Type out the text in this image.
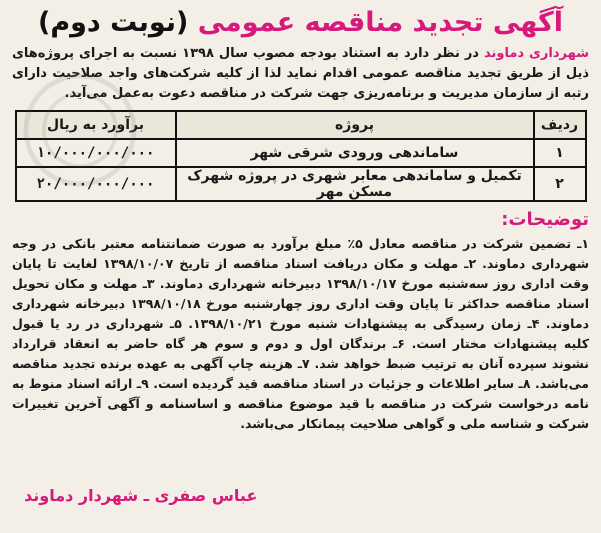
آگهی تجدید مناقصه عمومی (نوبت دوم)

شهرداری دماوند در نظر دارد به استناد بودجه مصوب سال ۱۳۹۸ نسبت به اجرای پروژه‌های ذیل از طریق تجدید مناقصه عمومی اقدام نماید لذا از کلیه شرکت‌های واجد صلاحیت دارای رتبه از سازمان مدیریت و برنامه‌ریزی جهت شرکت در مناقصه دعوت به‌عمل می‌آید.

ردیف	پروژه	برآورد به ریال
۱	ساماندهی ورودی شرقی شهر	۱۰/۰۰۰/۰۰۰/۰۰۰
۲	تکمیل و ساماندهی معابر شهری در پروژه شهرک مسکن مهر	۲۰/۰۰۰/۰۰۰/۰۰۰
توضیحات:

۱ـ تضمین شرکت در مناقصه معادل ۵٪ مبلغ برآورد به صورت ضمانتنامه معتبر بانکی در وجه شهرداری دماوند. ۲ـ مهلت و مکان دریافت اسناد مناقصه از تاریخ ۱۳۹۸/۱۰/۰۷ لغایت تا پایان وقت اداری روز سه‌شنبه مورخ ۱۳۹۸/۱۰/۱۷ دبیرخانه شهرداری دماوند. ۳ـ مهلت و مکان تحویل اسناد مناقصه حداکثر تا پایان وقت اداری روز چهارشنبه مورخ ۱۳۹۸/۱۰/۱۸ دبیرخانه شهرداری دماوند. ۴ـ زمان رسیدگی به پیشنهادات شنبه مورخ ۱۳۹۸/۱۰/۲۱. ۵ـ شهرداری در رد یا قبول کلیه پیشنهادات مختار است. ۶ـ برندگان اول و دوم و سوم هر گاه حاضر به انعقاد قرارداد نشوند سپرده آنان به ترتیب ضبط خواهد شد. ۷ـ هزینه چاپ آگهی به عهده برنده تجدید مناقصه می‌باشد. ۸ـ سایر اطلاعات و جزئیات در اسناد مناقصه قید گردیده است. ۹ـ ارائه اسناد منوط به نامه درخواست شرکت در مناقصه با قید موضوع مناقصه و اساسنامه و آگهی آخرین تغییرات شرکت و شناسه ملی و گواهی صلاحیت پیمانکار می‌باشد.

عباس صفری ـ شهردار دماوند
